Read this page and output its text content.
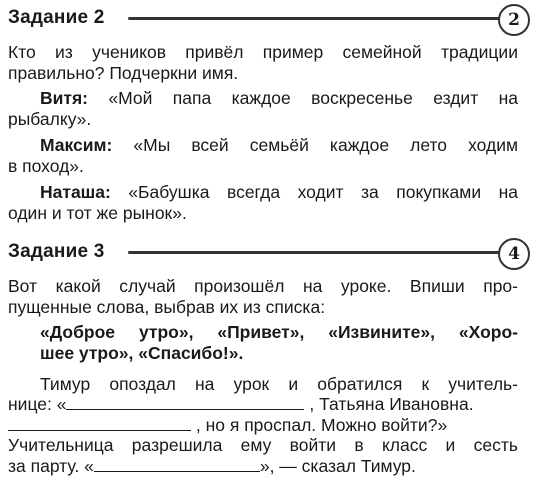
Задание 2	2
Кто из учеников привёл пример семейной традиции
правильно? Подчеркни имя.
Витя: «Мой папа каждое воскресенье ездит на
рыбалку».
Максим: «Мы всей семьёй каждое лето ходим
в поход».
Наташа: «Бабушка всегда ходит за покупками на
один и тот же рынок».
Задание 3	4
Вот какой случай произошёл на уроке. Впиши про-
пущенные слова, выбрав их из списка:
«Доброе утро», «Привет», «Извините», «Хоро-
шее утро», «Спасибо!».
Тимур опоздал на урок и обратился к учитель-
нице: «	, Татьяна Ивановна.
, но я проспал. Можно войти?»
Учительница разрешила ему войти в класс и сесть
за парту. «	», — сказал Тимур.
